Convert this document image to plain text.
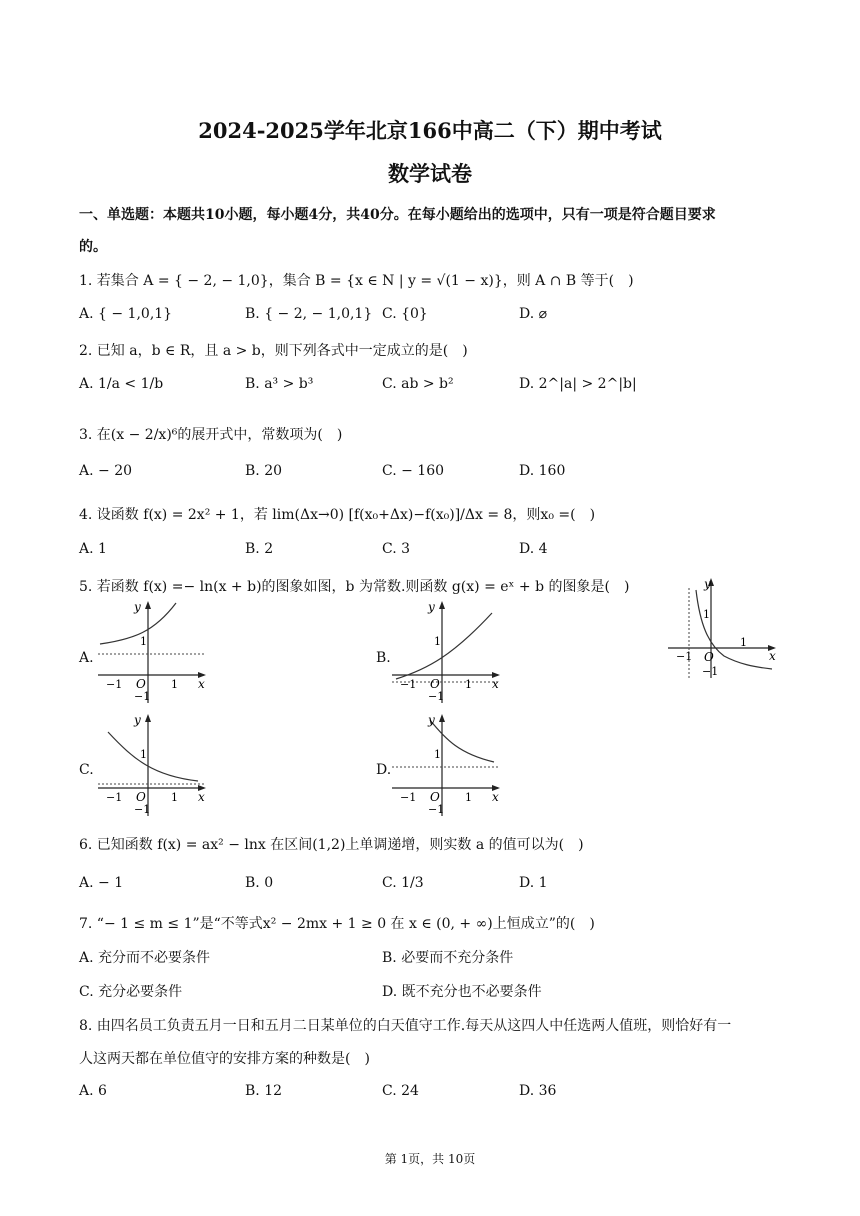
2024-2025学年北京166中高二（下）期中考试
数学试卷
一、单选题：本题共10小题，每小题4分，共40分。在每小题给出的选项中，只有一项是符合题目要求
的。
1. 若集合 A = { − 2, − 1,0}，集合 B = {x ∈ N | y = √(1 − x)}，则 A ∩ B 等于(　)
A. { − 1,0,1}	B. { − 2, − 1,0,1} C. {0}	D. ⌀
2. 已知 a，b ∈ R，且 a > b，则下列各式中一定成立的是(　)
A. 1/a < 1/b	B. a³ > b³	C. ab > b²	D. 2^|a| > 2^|b|
3. 在(x − 2/x)⁶的展开式中，常数项为(　)
A. − 20	B. 20	C. − 160	D. 160
4. 设函数 f(x) = 2x² + 1，若 lim(Δx→0) [f(x₀+Δx)−f(x₀)]/Δx = 8，则x₀ =(　)
A. 1	B. 2	C. 3	D. 4
5. 若函数 f(x) =− ln(x + b)的图象如图，b 为常数.则函数 g(x) = eˣ + b 的图象是(　)	y
x
1
−1 O
1
−1
A.
y
x
1
−1 O 1
−1
B.
y
x
1
−1 O 1
−1
C.
y
x
1
−1 O 1
−1
D.
y
x
1
−1 O 1
−1
6. 已知函数 f(x) = ax² − lnx 在区间(1,2)上单调递增，则实数 a 的值可以为(　)
A. − 1	B. 0	C. 1/3	D. 1
7. “− 1 ≤ m ≤ 1”是“不等式x² − 2mx + 1 ≥ 0 在 x ∈ (0, + ∞)上恒成立”的(　)
A. 充分而不必要条件	B. 必要而不充分条件
C. 充分必要条件	D. 既不充分也不必要条件
8. 由四名员工负责五月一日和五月二日某单位的白天值守工作.每天从这四人中任选两人值班，则恰好有一
人这两天都在单位值守的安排方案的种数是(　)
A. 6	B. 12	C. 24	D. 36
第 1页，共 10页
